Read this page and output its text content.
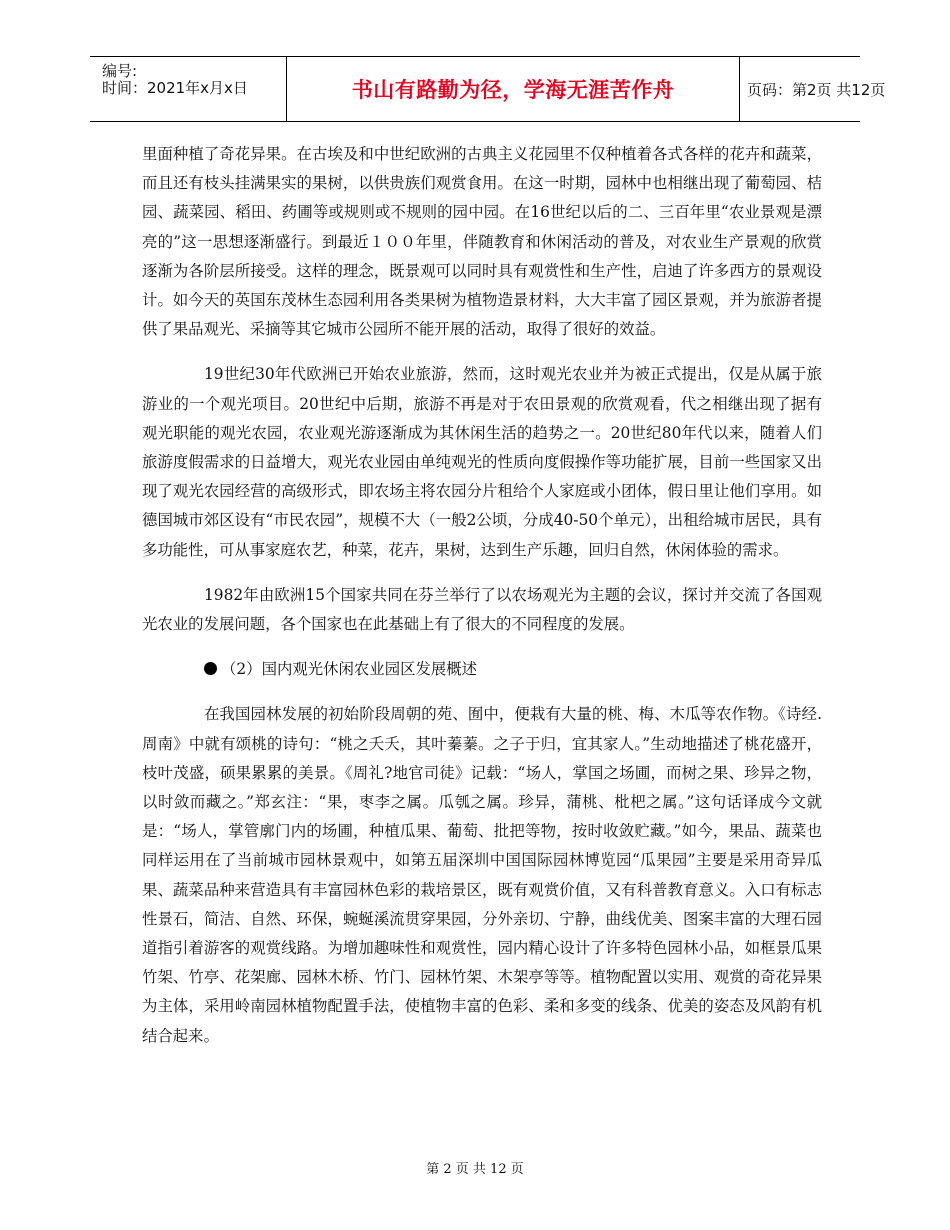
编号:
时间：2021年x月x日	书山有路勤为径，学海无涯苦作舟	页码：第2页 共12页

里面种植了奇花异果。在古埃及和中世纪欧洲的古典主义花园里不仅种植着各式各样的花卉和蔬菜，而且还有枝头挂满果实的果树，以供贵族们观赏食用。在这一时期，园林中也相继出现了葡萄园、桔园、蔬菜园、稻田、药圃等或规则或不规则的园中园。在16世纪以后的二、三百年里“农业景观是漂亮的”这一思想逐渐盛行。到最近１００年里，伴随教育和休闲活动的普及，对农业生产景观的欣赏逐渐为各阶层所接受。这样的理念，既景观可以同时具有观赏性和生产性，启迪了许多西方的景观设计。如今天的英国东茂林生态园利用各类果树为植物造景材料，大大丰富了园区景观，并为旅游者提供了果品观光、采摘等其它城市公园所不能开展的活动，取得了很好的效益。

19世纪30年代欧洲已开始农业旅游，然而，这时观光农业并为被正式提出，仅是从属于旅游业的一个观光项目。20世纪中后期，旅游不再是对于农田景观的欣赏观看，代之相继出现了据有观光职能的观光农园，农业观光游逐渐成为其休闲生活的趋势之一。20世纪80年代以来，随着人们旅游度假需求的日益增大，观光农业园由单纯观光的性质向度假操作等功能扩展，目前一些国家又出现了观光农园经营的高级形式，即农场主将农园分片租给个人家庭或小团体，假日里让他们享用。如德国城市郊区设有“市民农园”，规模不大（一般2公顷，分成40-50个单元），出租给城市居民，具有多功能性，可从事家庭农艺，种菜，花卉，果树，达到生产乐趣，回归自然，休闲体验的需求。

1982年由欧洲15个国家共同在芬兰举行了以农场观光为主题的会议，探讨并交流了各国观光农业的发展问题，各个国家也在此基础上有了很大的不同程度的发展。

（2）国内观光休闲农业园区发展概述

在我国园林发展的初始阶段周朝的苑、囿中，便栽有大量的桃、梅、木瓜等农作物。《诗经. 周南》中就有颂桃的诗句：“桃之夭夭，其叶蓁蓁。之子于归，宜其家人。”生动地描述了桃花盛开，枝叶茂盛，硕果累累的美景。《周礼?地官司徒》记载：“场人，掌国之场圃，而树之果、珍异之物，以时敛而藏之。”郑玄注：“果，枣李之属。瓜瓠之属。珍异，蒲桃、枇杷之属。”这句话译成今文就是：“场人，掌管廓门内的场圃，种植瓜果、葡萄、批把等物，按时收敛贮藏。”如今，果品、蔬菜也同样运用在了当前城市园林景观中，如第五届深圳中国国际园林博览园“瓜果园”主要是采用奇异瓜果、蔬菜品种来营造具有丰富园林色彩的栽培景区，既有观赏价值，又有科普教育意义。入口有标志性景石，简洁、自然、环保，蜿蜒溪流贯穿果园，分外亲切、宁静，曲线优美、图案丰富的大理石园道指引着游客的观赏线路。为增加趣味性和观赏性，园内精心设计了许多特色园林小品，如框景瓜果竹架、竹亭、花架廊、园林木桥、竹门、园林竹架、木架亭等等。植物配置以实用、观赏的奇花异果为主体，采用岭南园林植物配置手法，使植物丰富的色彩、柔和多变的线条、优美的姿态及风韵有机结合起来。

第 2 页 共 12 页
